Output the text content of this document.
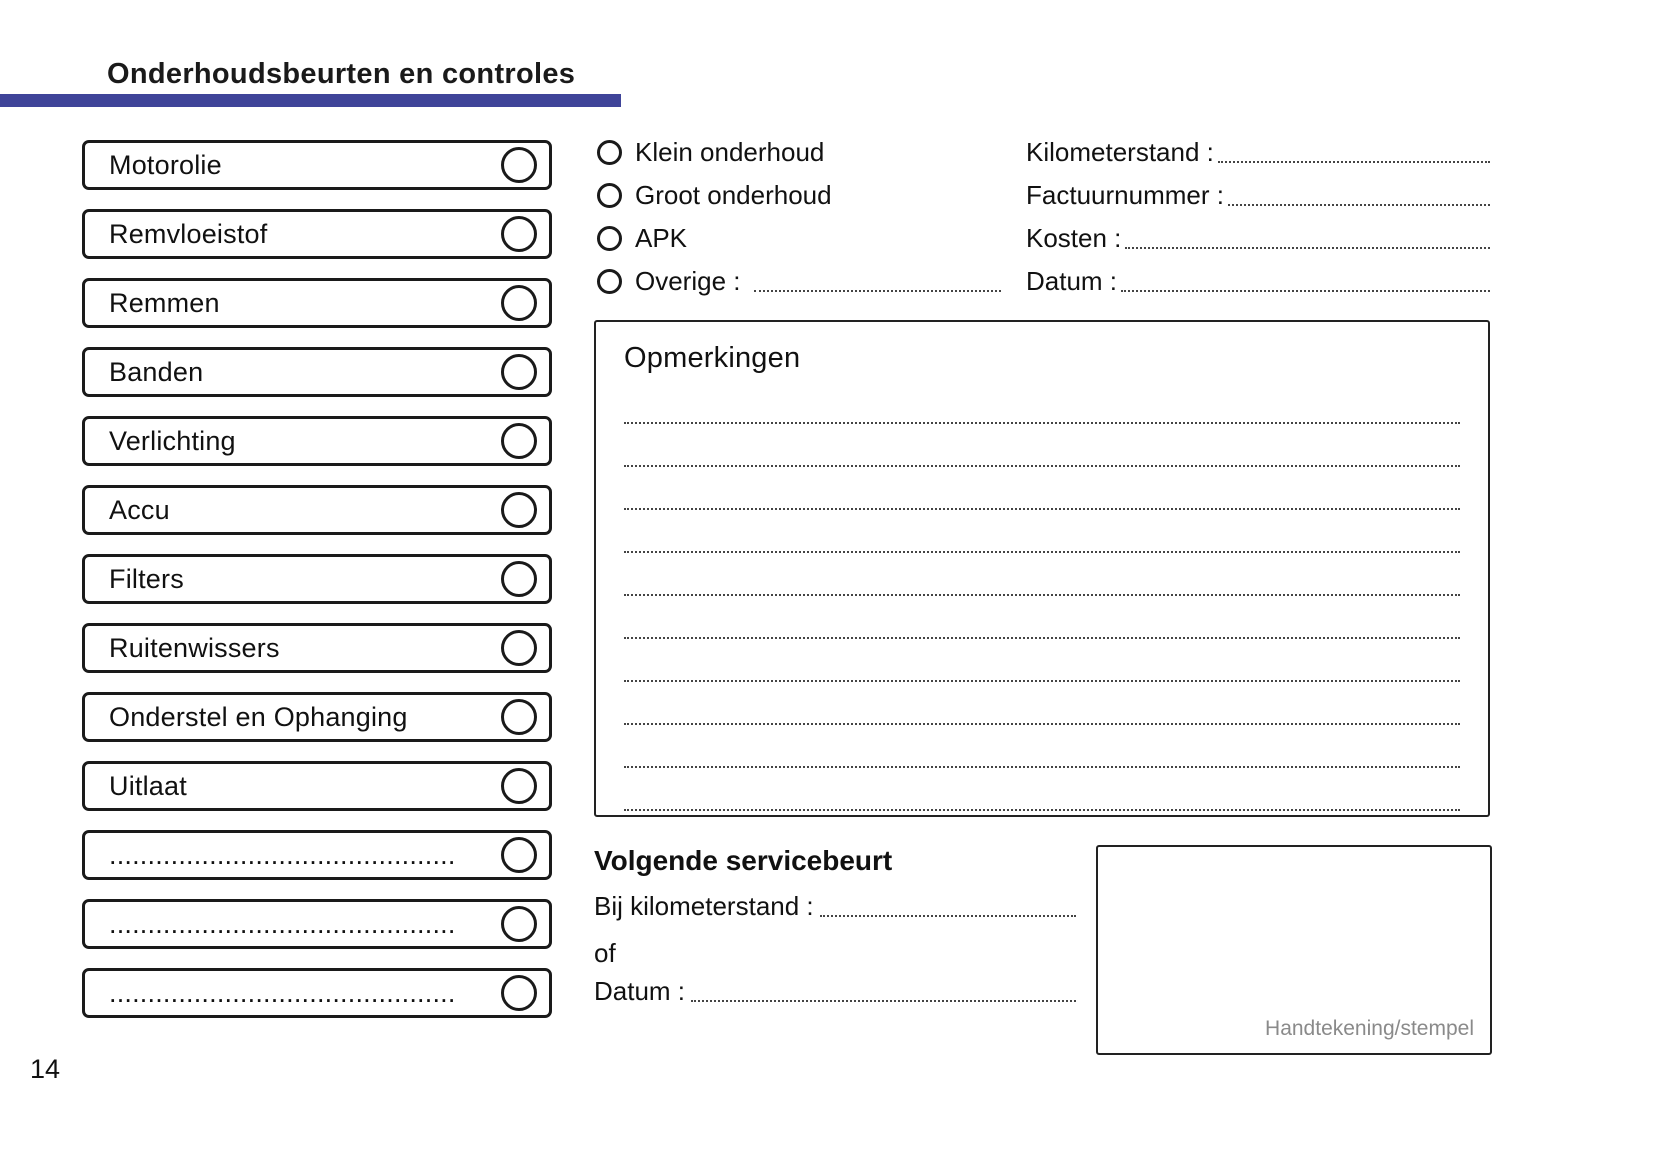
Onderhoudsbeurten en controles
Motorolie
Remvloeistof
Remmen
Banden
Verlichting
Accu
Filters
Ruitenwissers
Onderstel en Ophanging
Uitlaat
.............................................
.............................................
.............................................
Klein onderhoud
Groot onderhoud
APK
Overige :
Kilometerstand :
Factuurnummer :
Kosten :
Datum :
Opmerkingen
Volgende servicebeurt
Bij kilometerstand :
of
Datum :
Handtekening/stempel
14
